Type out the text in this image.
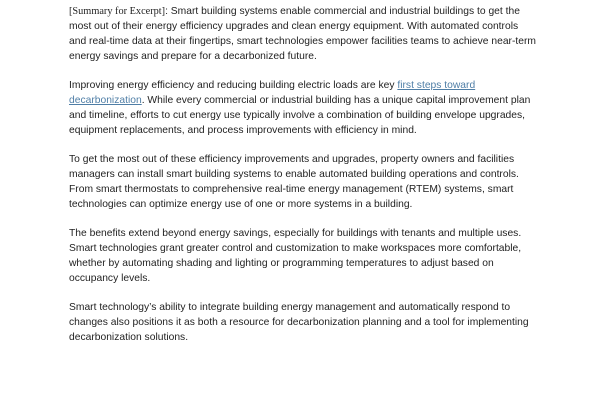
[Summary for Excerpt]: Smart building systems enable commercial and industrial buildings to get the most out of their energy efficiency upgrades and clean energy equipment. With automated controls and real-time data at their fingertips, smart technologies empower facilities teams to achieve near-term energy savings and prepare for a decarbonized future.

Improving energy efficiency and reducing building electric loads are key first steps toward decarbonization. While every commercial or industrial building has a unique capital improvement plan and timeline, efforts to cut energy use typically involve a combination of building envelope upgrades, equipment replacements, and process improvements with efficiency in mind.

To get the most out of these efficiency improvements and upgrades, property owners and facilities managers can install smart building systems to enable automated building operations and controls. From smart thermostats to comprehensive real-time energy management (RTEM) systems, smart technologies can optimize energy use of one or more systems in a building.

The benefits extend beyond energy savings, especially for buildings with tenants and multiple uses. Smart technologies grant greater control and customization to make workspaces more comfortable, whether by automating shading and lighting or programming temperatures to adjust based on occupancy levels.

Smart technology’s ability to integrate building energy management and automatically respond to changes also positions it as both a resource for decarbonization planning and a tool for implementing decarbonization solutions.
